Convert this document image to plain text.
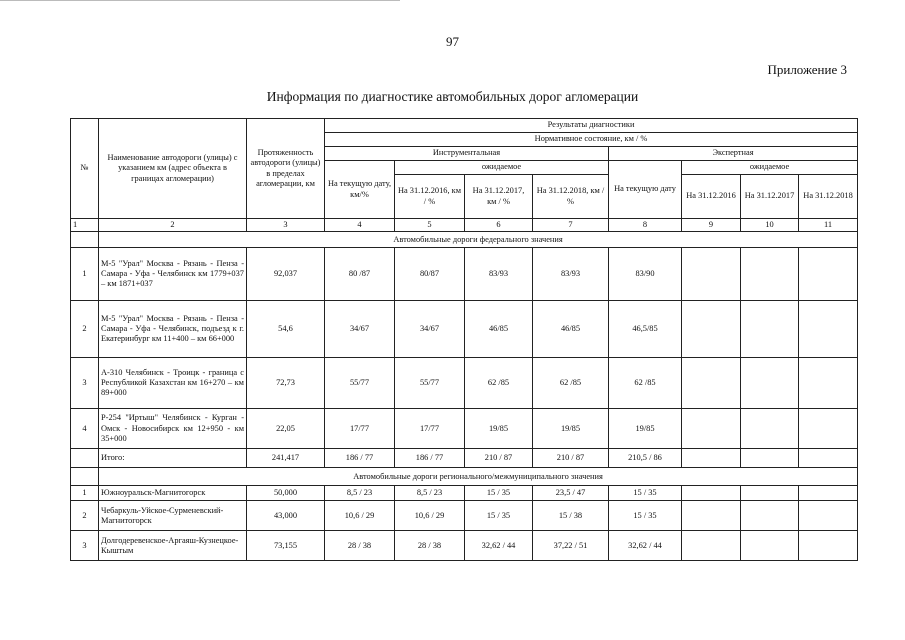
97
Приложение 3
Информация по диагностике автомобильных дорог агломерации
№	Наименование автодороги (улицы) с указанием км (адрес объекта в границах агломерации)	Протяженность автодороги (улицы) в пределах агломерации, км	Результаты диагностики							
			Нормативное состояние, км / %							
			Инструментальная				Экспертная			
			На текущую дату, км/%	ожидаемое			На текущую дату	ожидаемое		
				На 31.12.2016, км / %	На 31.12.2017, км / %	На 31.12.2018, км / %		На 31.12.2016	На 31.12.2017	На 31.12.2018
1	2	3	4	5	6	7	8	9	10	11
	Автомобильные дороги федерального значения									
1	М-5 "Урал" Москва - Рязань - Пенза - Самара - Уфа - Челябинск км 1779+037 – км 1871+037	92,037	80 /87	80/87	83/93	83/93	83/90			
2	М-5 "Урал" Москва - Рязань - Пенза - Самара - Уфа - Челябинск, подъезд к г. Екатеринбург км 11+400 – км 66+000	54,6	34/67	34/67	46/85	46/85	46,5/85			
3	А-310 Челябинск - Троицк - граница с Республикой Казахстан км 16+270 – км 89+000	72,73	55/77	55/77	62 /85	62 /85	62 /85			
4	Р-254 "Иртыш" Челябинск - Курган - Омск - Новосибирск км 12+950 - км 35+000	22,05	17/77	17/77	19/85	19/85	19/85			
	Итого:	241,417	186 / 77	186 / 77	210 / 87	210 / 87	210,5 / 86			
	Автомобильные дороги регионального/межмуниципального значения									
1	Южноуральск-Магнитогорск	50,000	8,5 / 23	8,5 / 23	15 / 35	23,5 / 47	15 / 35			
2	Чебаркуль-Уйское-Сурменевский-Магнитогорск	43,000	10,6 / 29	10,6 / 29	15 / 35	15 / 38	15 / 35			
3	Долгодеревенское-Аргаяш-Кузнецкое-Кыштым	73,155	28 / 38	28 / 38	32,62 / 44	37,22 / 51	32,62 / 44			
